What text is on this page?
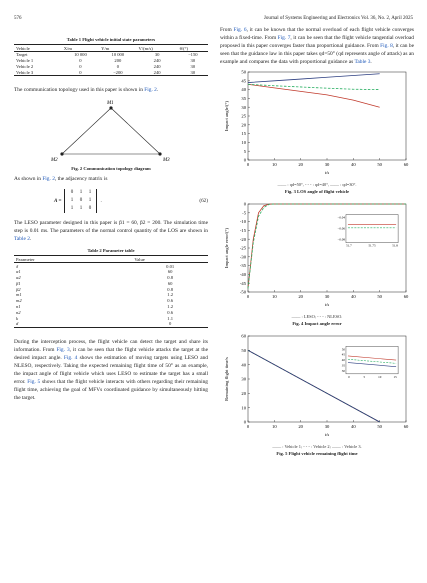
576	Journal of Systems Engineering and Electronics Vol. 36, No. 2, April 2025
Table 1 Flight vehicle initial state parameters
Vehicle	X/m	Y/m	V/(m/s)	θ/(°)
Target	10 000	10 000	30	−150
Vehicle 1	0	200	240	30
Vehicle 2	0	0	240	30
Vehicle 3	0	−200	240	30

The communication topology used in this paper is shown in Fig. 2.

M1
M2	M3
Fig. 2 Communication topology diagram

As shown in Fig. 2, the adjacency matrix is

A =
0	1	1
1	0	1
1	1	0
.	(62)

The LESO parameter designed in this paper is β1 = 60, β2 = 200. The simulation time step is 0.01 ms. The parameters of the normal control quantity of the LOS are shown in Table 2.

Table 2 Parameter table
Parameter	Value
δ	0.01
α1	60
α2	0.8
β1	60
β2	0.8
m1	1.2
m2	0.6
n1	1.2
n2	0.6
k	1.1
d	0

During the interception process, the flight vehicle can detect the target and share its information. From Fig. 3, it can be seen that the flight vehicle attacks the target at the desired impact angle. Fig. 4 shows the estimation of moving targets using LESO and NLESO, respectively. Taking the expected remaining flight time of 50° as an example, the impact angle of flight vehicle which uses LESO to estimate the target has a small error. Fig. 5 shows that the flight vehicle interacts with others regarding their remaining flight time, achieving the goal of MFVs coordinated guidance by simultaneously hitting the target.

From Fig. 6, it can be known that the normal overload of each flight vehicle converges within a fixed-time. From Fig. 7, it can be seen that the flight vehicle tangential overload proposed in this paper converges faster than proportional guidance. From Fig. 8, it can be seen that the guidance law in this paper takes qd=50° (qd represents angle of attack) as an example and compares the data with proportional guidance as Table 3.

0	10	20	30	40	50	60
0
5
10
15
20
25
30
35
40
45
50
t/s
Impact angle/(°)
—— : qd=50°, - - - : qd=40°, —— : qd=30°.
Fig. 3 LOS angle of flight vehicle
0	10	20	30	40	50	60
0
-5
-10
-15
-20
-25
-30
-35
-40
-45
-50
t/s
Impact angle error/(°)
−0.04
−0.06
−0.08
51.7	51.75	51.8
—— : LESO; - - - : NLESO.
Fig. 4 Impact angle error
0	10	20	30	40	50	60
0
10
20
30
40
50
60
t/s
Remaining flight time/s
50
45
40
35
30
0	5	10	15
—— : Vehicle 1; - - - : Vehicle 2; —— : Vehicle 3.
Fig. 5 Flight vehicle remaining flight time
